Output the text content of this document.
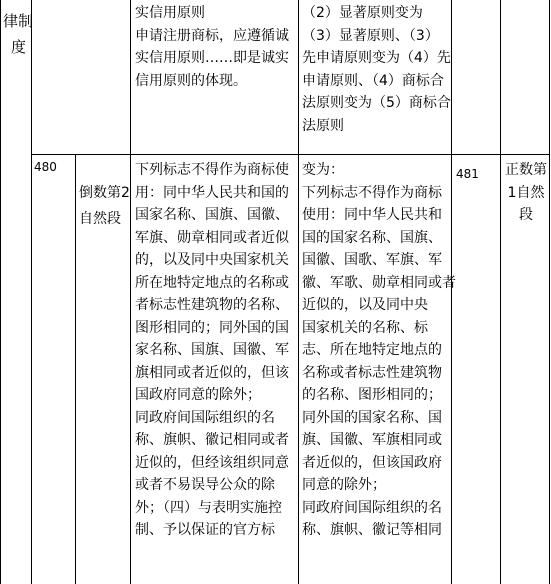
律制

度

实信用原则

申请注册商标，应遵循诚

实信用原则……即是诚实

信用原则的体现。

（2）显著原则变为

（3）显著原则、（3）

先申请原则变为（4）先

申请原则、（4）商标合

法原则变为（5）商标合

法原则

480

倒数第2

自然段

下列标志不得作为商标使

用：同中华人民共和国的

国家名称、国旗、国徽、

军旗、勋章相同或者近似

的，以及同中央国家机关

所在地特定地点的名称或

者标志性建筑物的名称、

图形相同的；同外国的国

家名称、国旗、国徽、军

旗相同或者近似的，但该

国政府同意的除外；

同政府间国际组织的名

称、旗帜、徽记相同或者

近似的，但经该组织同意

或者不易误导公众的除

外；（四）与表明实施控

制、予以保证的官方标

变为：

下列标志不得作为商标

使用：同中华人民共和

国的国家名称、国旗、

国徽、国歌、军旗、军

徽、军歌、勋章相同或者

近似的，以及同中央

国家机关的名称、标

志、所在地特定地点的

名称或者标志性建筑物

的名称、图形相同的；

同外国的国家名称、国

旗、国徽、军旗相同或

者近似的，但该国政府

同意的除外；

同政府间国际组织的名

称、旗帜、徽记等相同

481 正数第

1自然

段
